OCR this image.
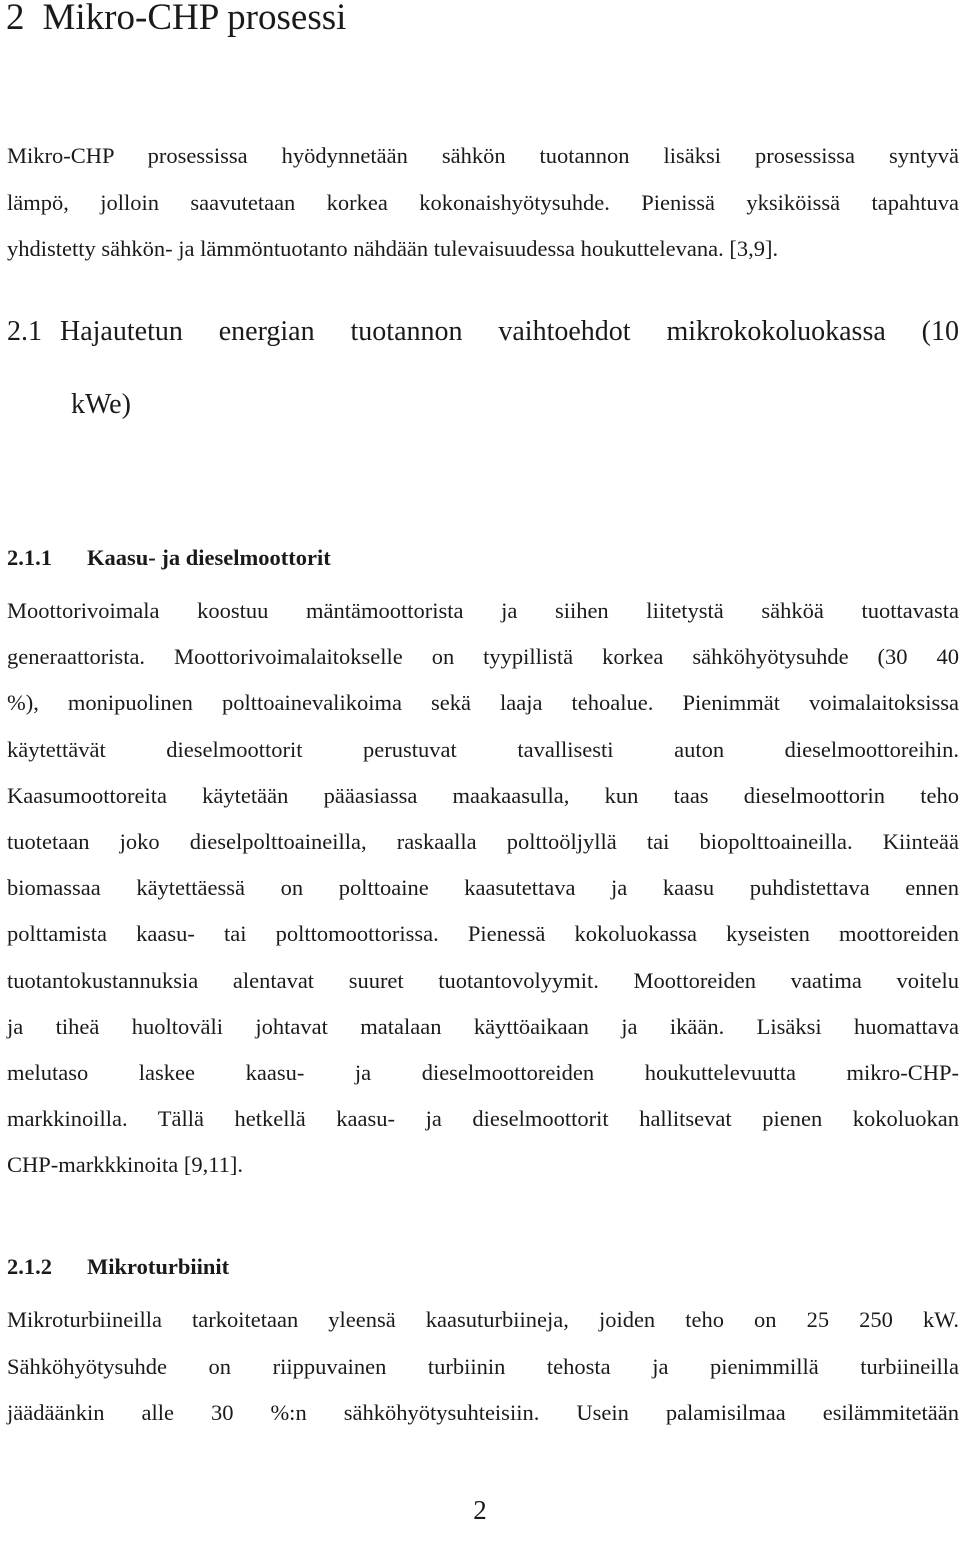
2 Mikro-CHP prosessi

Mikro-CHP prosessissa hyödynnetään sähkön tuotannon lisäksi prosessissa syntyvä
lämpö, jolloin saavutetaan korkea kokonaishyötysuhde. Pienissä yksiköissä tapahtuva
yhdistetty sähkön- ja lämmöntuotanto nähdään tulevaisuudessa houkuttelevana. [3,9].

2.1 Hajautetun energian tuotannon vaihtoehdot mikrokokoluokassa (10
kWe)
2.1.1 Kaasu- ja dieselmoottorit

Moottorivoimala koostuu mäntämoottorista ja siihen liitetystä sähköä tuottavasta
generaattorista. Moottorivoimalaitokselle on tyypillistä korkea sähköhyötysuhde (30 40
%), monipuolinen polttoainevalikoima sekä laaja tehoalue. Pienimmät voimalaitoksissa
käytettävät dieselmoottorit perustuvat tavallisesti auton dieselmoottoreihin.
Kaasumoottoreita käytetään pääasiassa maakaasulla, kun taas dieselmoottorin teho
tuotetaan joko dieselpolttoaineilla, raskaalla polttoöljyllä tai biopolttoaineilla. Kiinteää
biomassaa käytettäessä on polttoaine kaasutettava ja kaasu puhdistettava ennen
polttamista kaasu- tai polttomoottorissa. Pienessä kokoluokassa kyseisten moottoreiden
tuotantokustannuksia alentavat suuret tuotantovolyymit. Moottoreiden vaatima voitelu
ja tiheä huoltoväli johtavat matalaan käyttöaikaan ja ikään. Lisäksi huomattava
melutaso laskee kaasu- ja dieselmoottoreiden houkuttelevuutta mikro-CHP-
markkinoilla. Tällä hetkellä kaasu- ja dieselmoottorit hallitsevat pienen kokoluokan
CHP-markkkinoita [9,11].

2.1.2 Mikroturbiinit

Mikroturbiineilla tarkoitetaan yleensä kaasuturbiineja, joiden teho on 25 250 kW.
Sähköhyötysuhde on riippuvainen turbiinin tehosta ja pienimmillä turbiineilla
jäädäänkin alle 30 %:n sähköhyötysuhteisiin. Usein palamisilmaa esilämmitetään

2
